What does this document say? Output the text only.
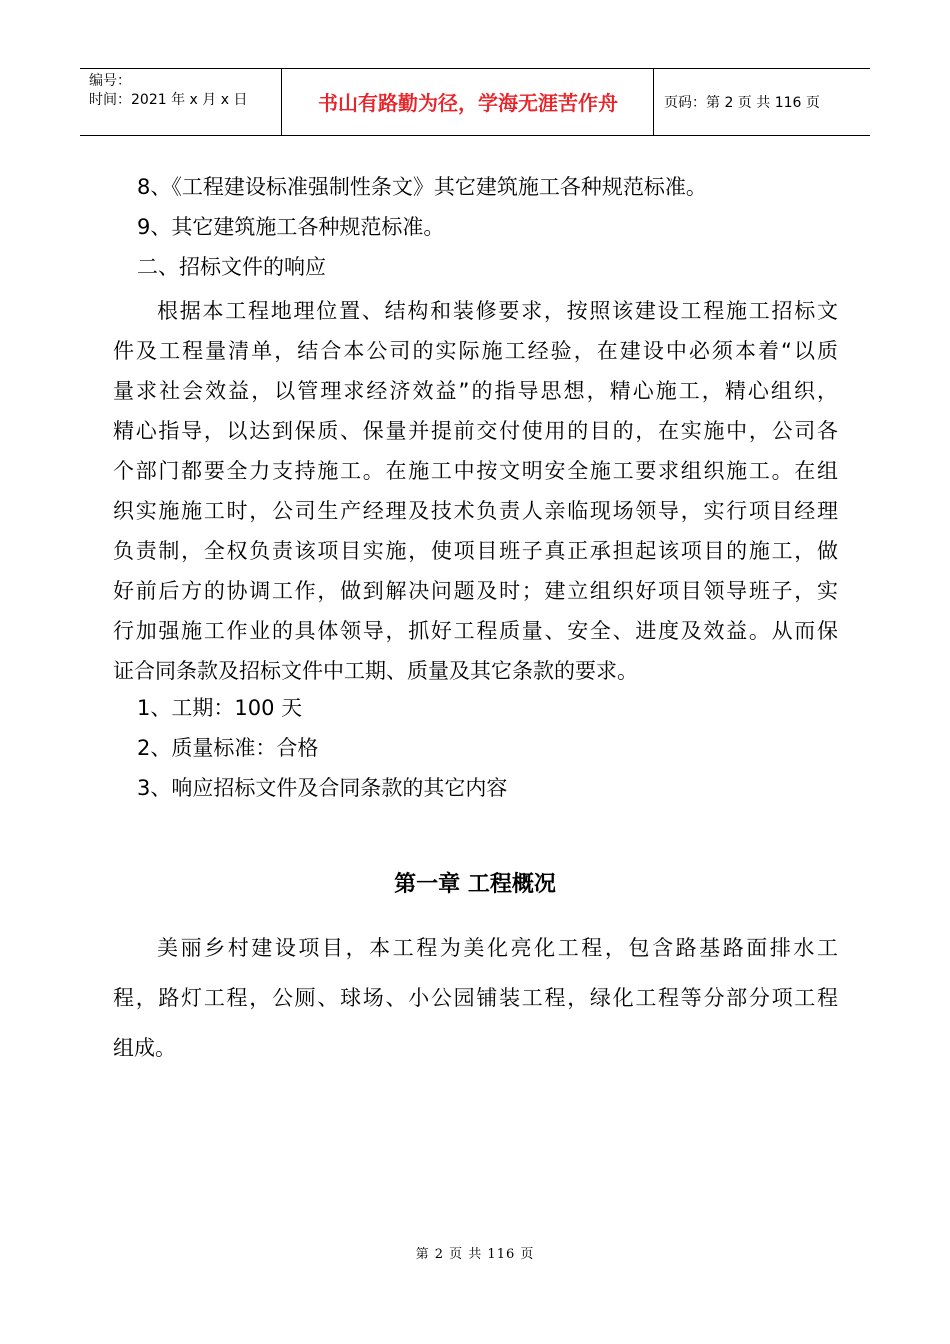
编号：
时间：2021 年 x 月 x 日	书山有路勤为径，学海无涯苦作舟	页码：第 2 页 共 116 页
8、《工程建设标准强制性条文》其它建筑施工各种规范标准。
9、其它建筑施工各种规范标准。
二、招标文件的响应
根据本工程地理位置、结构和装修要求，按照该建设工程施工招标文
件及工程量清单，结合本公司的实际施工经验，在建设中必须本着“以质
量求社会效益，以管理求经济效益”的指导思想，精心施工，精心组织，
精心指导，以达到保质、保量并提前交付使用的目的，在实施中，公司各
个部门都要全力支持施工。在施工中按文明安全施工要求组织施工。在组
织实施施工时，公司生产经理及技术负责人亲临现场领导，实行项目经理
负责制，全权负责该项目实施，使项目班子真正承担起该项目的施工，做
好前后方的协调工作，做到解决问题及时；建立组织好项目领导班子，实
行加强施工作业的具体领导，抓好工程质量、安全、进度及效益。从而保
证合同条款及招标文件中工期、质量及其它条款的要求。
1、工期：100 天
2、质量标准：合格
3、响应招标文件及合同条款的其它内容
第一章 工程概况
美丽乡村建设项目，本工程为美化亮化工程，包含路基路面排水工
程，路灯工程，公厕、球场、小公园铺装工程，绿化工程等分部分项工程
组成。
第 2 页 共 116 页
